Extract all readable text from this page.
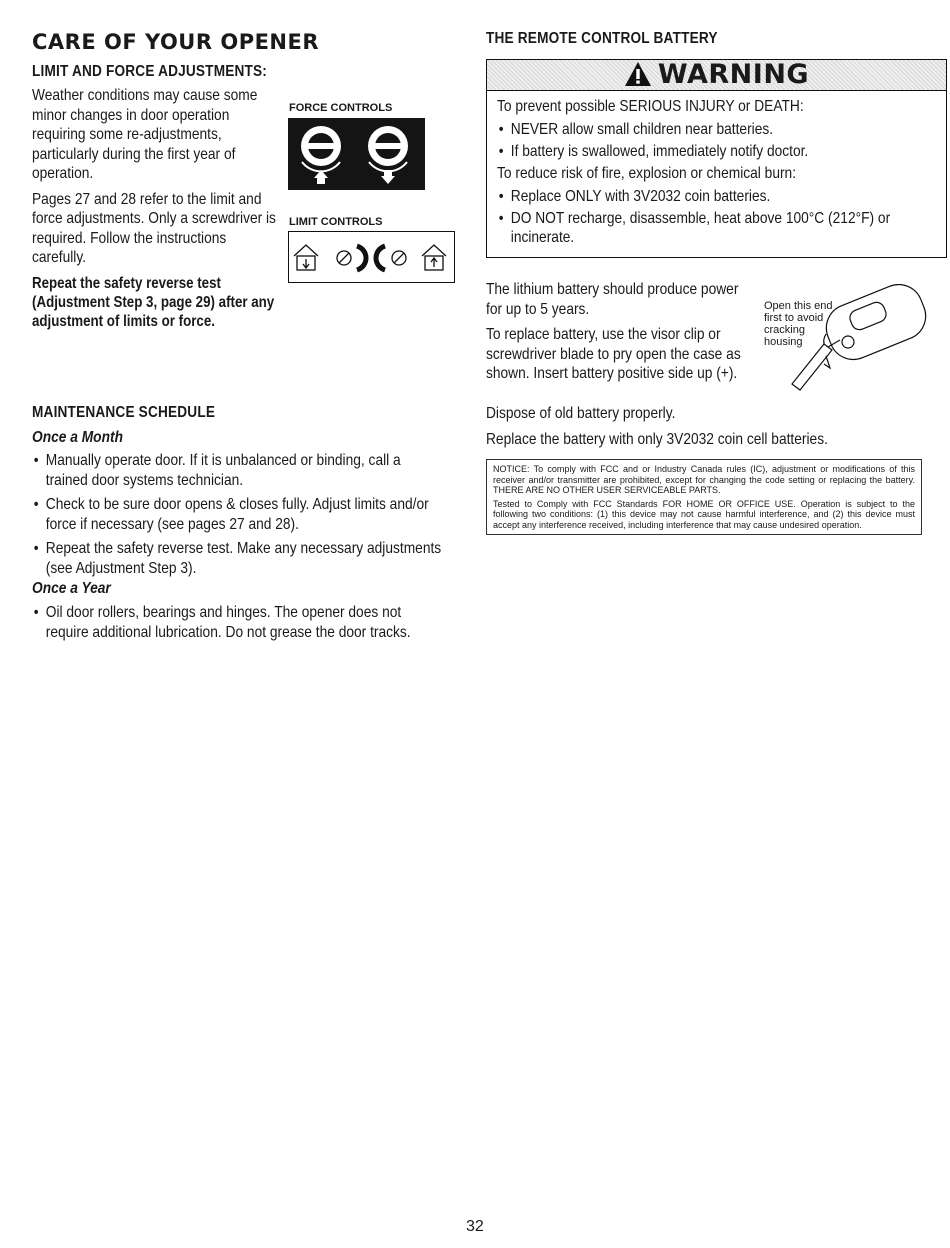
CARE OF YOUR OPENER
LIMIT AND FORCE ADJUSTMENTS:

Weather conditions may cause some minor changes in door operation requiring some re-adjustments, particularly during the first year of operation.

Pages 27 and 28 refer to the limit and force adjustments. Only a screwdriver is required. Follow the instructions carefully.

Repeat the safety reverse test (Adjustment Step 3, page 29) after any adjustment of limits or force.

FORCE CONTROLS
LIMIT CONTROLS
MAINTENANCE SCHEDULE
Once a Month
• Manually operate door. If it is unbalanced or binding, call a trained door systems technician.
• Check to be sure door opens & closes fully. Adjust limits and/or force if necessary (see pages 27 and 28).
• Repeat the safety reverse test. Make any necessary adjustments (see Adjustment Step 3).
Once a Year
• Oil door rollers, bearings and hinges. The opener does not require additional lubrication. Do not grease the door tracks.
THE REMOTE CONTROL BATTERY
WARNING
To prevent possible SERIOUS INJURY or DEATH:
• NEVER allow small children near batteries.
• If battery is swallowed, immediately notify doctor.
To reduce risk of fire, explosion or chemical burn:
• Replace ONLY with 3V2032 coin batteries.
• DO NOT recharge, disassemble, heat above 100°C (212°F) or incinerate.

The lithium battery should produce power for up to 5 years.

To replace battery, use the visor clip or screwdriver blade to pry open the case as shown. Insert battery positive side up (+).

Dispose of old battery properly.

Replace the battery with only 3V2032 coin cell batteries.

Open this end first to avoid cracking housing
NOTICE: To comply with FCC and or Industry Canada rules (IC), adjustment or modifications of this receiver and/or transmitter are prohibited, except for changing the code setting or replacing the battery. THERE ARE NO OTHER USER SERVICEABLE PARTS.
Tested to Comply with FCC Standards FOR HOME OR OFFICE USE. Operation is subject to the following two conditions: (1) this device may not cause harmful interference, and (2) this device must accept any interference received, including interference that may cause undesired operation.
32
